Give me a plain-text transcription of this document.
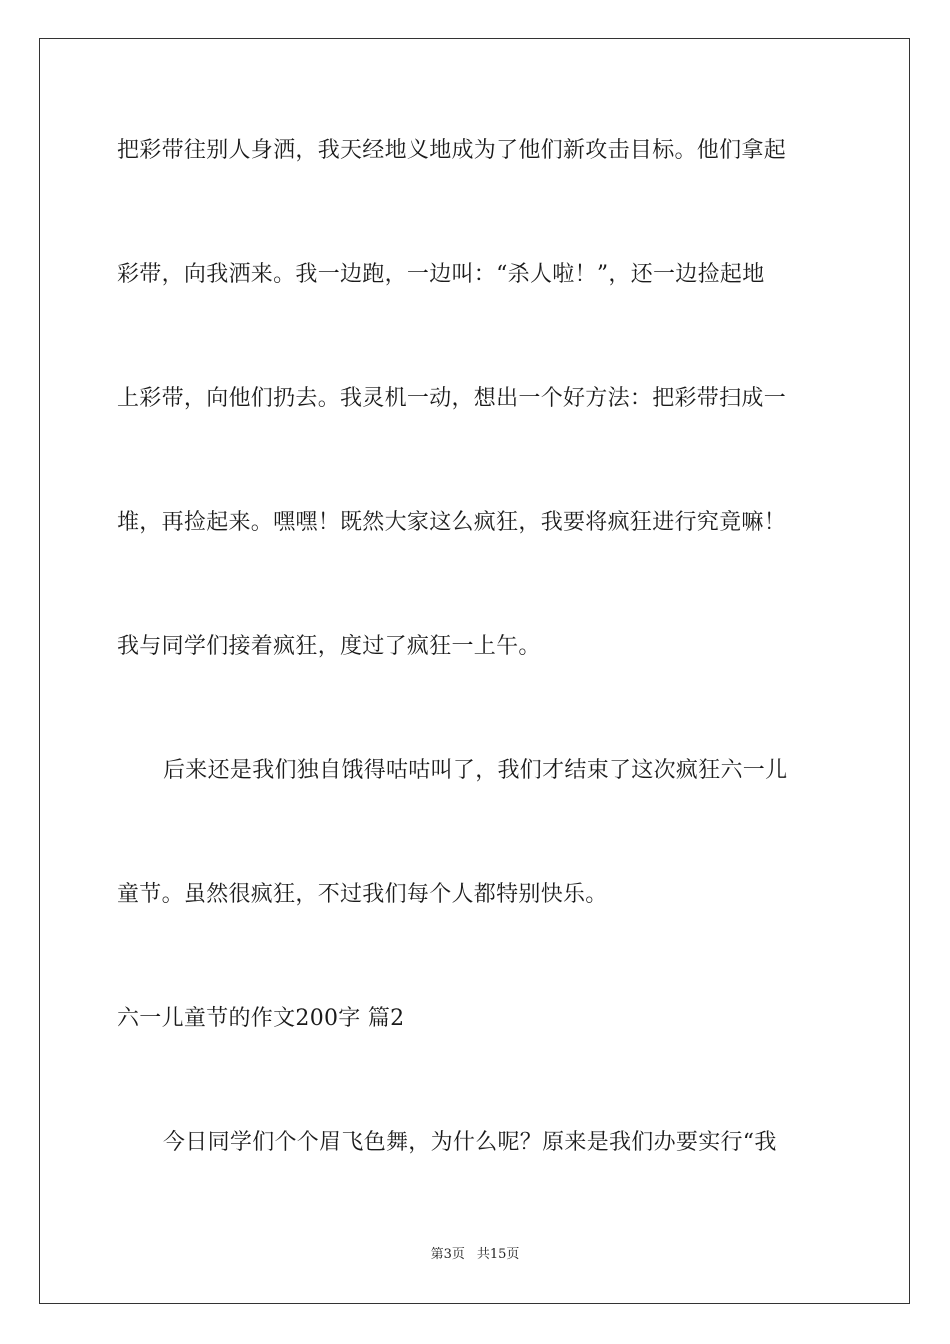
把彩带往别人身洒，我天经地义地成为了他们新攻击目标。他们拿起
彩带，向我洒来。我一边跑，一边叫：“杀人啦！”，还一边捡起地
上彩带，向他们扔去。我灵机一动，想出一个好方法：把彩带扫成一
堆，再捡起来。嘿嘿！既然大家这么疯狂，我要将疯狂进行究竟嘛！
我与同学们接着疯狂，度过了疯狂一上午。
后来还是我们独自饿得咕咕叫了，我们才结束了这次疯狂六一儿
童节。虽然很疯狂，不过我们每个人都特别快乐。
六一儿童节的作文200字 篇2
今日同学们个个眉飞色舞，为什么呢？原来是我们办要实行“我
第3页 共15页
